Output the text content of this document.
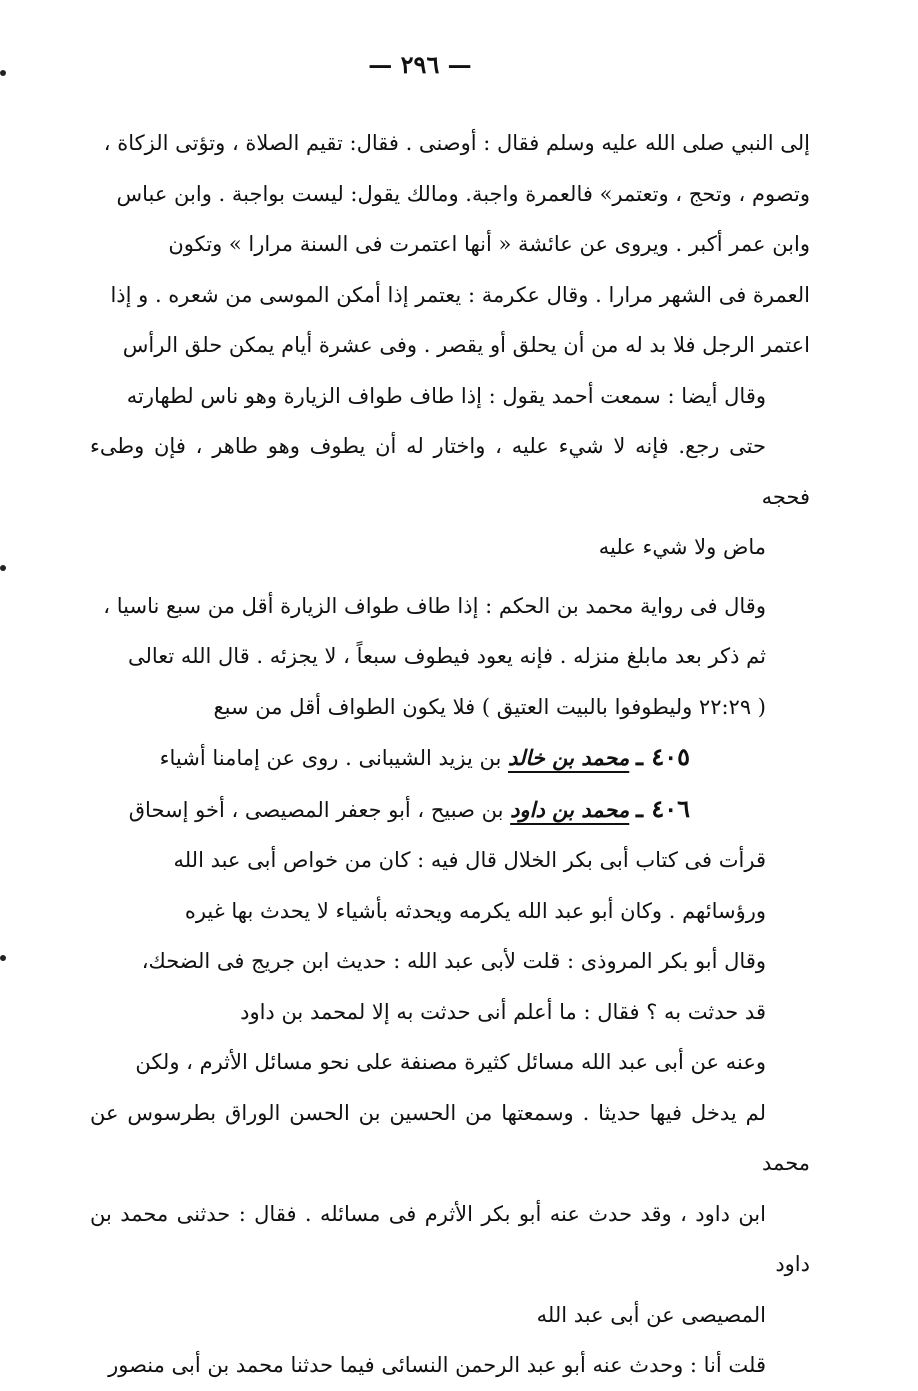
— ٢٩٦ —

إلى النبي صلى الله عليه وسلم فقال : أوصنى . فقال: تقيم الصلاة ، وتؤتى الزكاة ،
وتصوم ، وتحج ، وتعتمر» فالعمرة واجبة. ومالك يقول: ليست بواجبة . وابن عباس
وابن عمر أكبر . ويروى عن عائشة « أنها اعتمرت فى السنة مرارا » وتكون
العمرة فى الشهر مرارا . وقال عكرمة : يعتمر إذا أمكن الموسى من شعره . و إذا
اعتمر الرجل فلا بد له من أن يحلق أو يقصر . وفى عشرة أيام يمكن حلق الرأس

وقال أيضا : سمعت أحمد يقول : إذا طاف طواف الزيارة وهو ناس لطهارته
حتى رجع. فإنه لا شيء عليه ، واختار له أن يطوف وهو طاهر ، فإن وطىء فحجه
ماض ولا شيء عليه

وقال فى رواية محمد بن الحكم : إذا طاف طواف الزيارة أقل من سبع ناسيا ،
ثم ذكر بعد مابلغ منزله . فإنه يعود فيطوف سبعاً ، لا يجزئه . قال الله تعالى
( ٢٢:٢٩ وليطوفوا بالبيت العتيق ) فلا يكون الطواف أقل من سبع

٤٠٥ ـ محمد بن خالد بن يزيد الشيبانى . روى عن إمامنا أشياء

٤٠٦ ـ محمد بن داود بن صبيح ، أبو جعفر المصيصى ، أخو إسحاق

قرأت فى كتاب أبى بكر الخلال قال فيه : كان من خواص أبى عبد الله
ورؤسائهم . وكان أبو عبد الله يكرمه ويحدثه بأشياء لا يحدث بها غيره

وقال أبو بكر المروذى : قلت لأبى عبد الله : حديث ابن جريج فى الضحك،
قد حدثت به ؟ فقال : ما أعلم أنى حدثت به إلا لمحمد بن داود

وعنه عن أبى عبد الله مسائل كثيرة مصنفة على نحو مسائل الأثرم ، ولكن
لم يدخل فيها حديثا . وسمعتها من الحسين بن الحسن الوراق بطرسوس عن محمد
ابن داود ، وقد حدث عنه أبو بكر الأثرم فى مسائله . فقال : حدثنى محمد بن داود
المصيصى عن أبى عبد الله

قلت أنا : وحدث عنه أبو عبد الرحمن النسائى فيما حدثنا محمد بن أبى منصور
